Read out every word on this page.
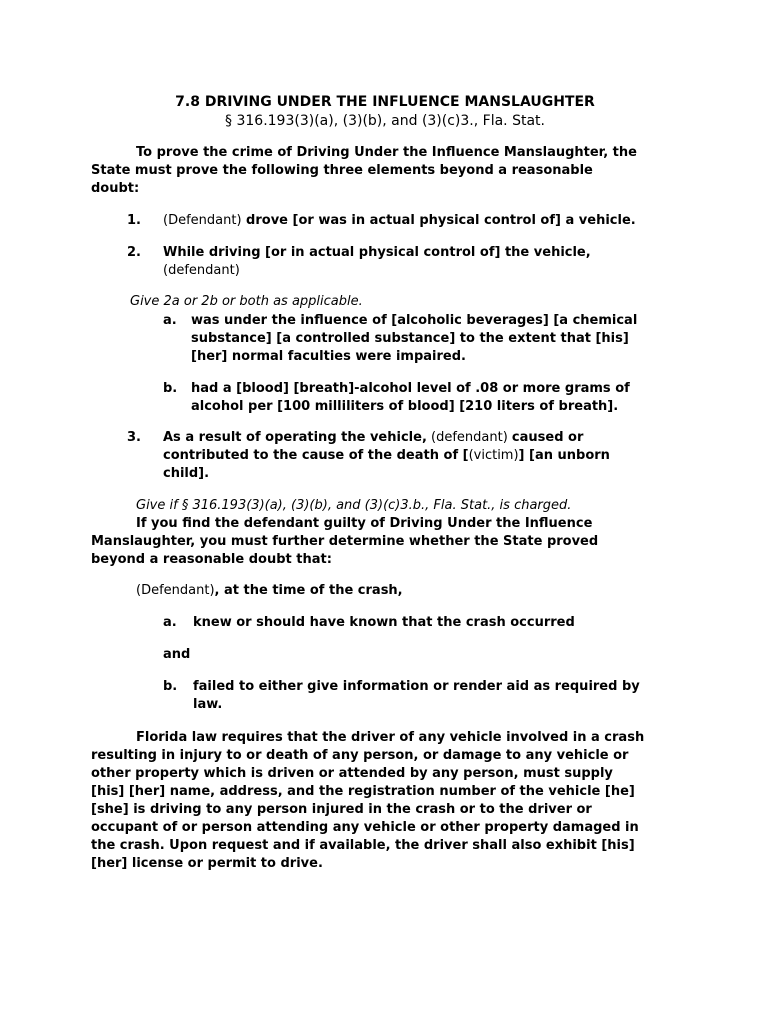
7.8 DRIVING UNDER THE INFLUENCE MANSLAUGHTER
§ 316.193(3)(a), (3)(b), and (3)(c)3., Fla. Stat.
To prove the crime of Driving Under the Influence Manslaughter, the
State must prove the following three elements beyond a reasonable
doubt:
1. (Defendant) drove [or was in actual physical control of] a vehicle.
2. While driving [or in actual physical control of] the vehicle,
(defendant)
Give 2a or 2b or both as applicable.
a. was under the influence of [alcoholic beverages] [a chemical
substance] [a controlled substance] to the extent that [his]
[her] normal faculties were impaired.
b. had a [blood] [breath]-alcohol level of .08 or more grams of
alcohol per [100 milliliters of blood] [210 liters of breath].
3. As a result of operating the vehicle, (defendant) caused or
contributed to the cause of the death of [(victim)] [an unborn
child].
Give if § 316.193(3)(a), (3)(b), and (3)(c)3.b., Fla. Stat., is charged.
If you find the defendant guilty of Driving Under the Influence
Manslaughter, you must further determine whether the State proved
beyond a reasonable doubt that:
(Defendant), at the time of the crash,
a. knew or should have known that the crash occurred
and
b. failed to either give information or render aid as required by
law.
Florida law requires that the driver of any vehicle involved in a crash
resulting in injury to or death of any person, or damage to any vehicle or
other property which is driven or attended by any person, must supply
[his] [her] name, address, and the registration number of the vehicle [he]
[she] is driving to any person injured in the crash or to the driver or
occupant of or person attending any vehicle or other property damaged in
the crash. Upon request and if available, the driver shall also exhibit [his]
[her] license or permit to drive.
